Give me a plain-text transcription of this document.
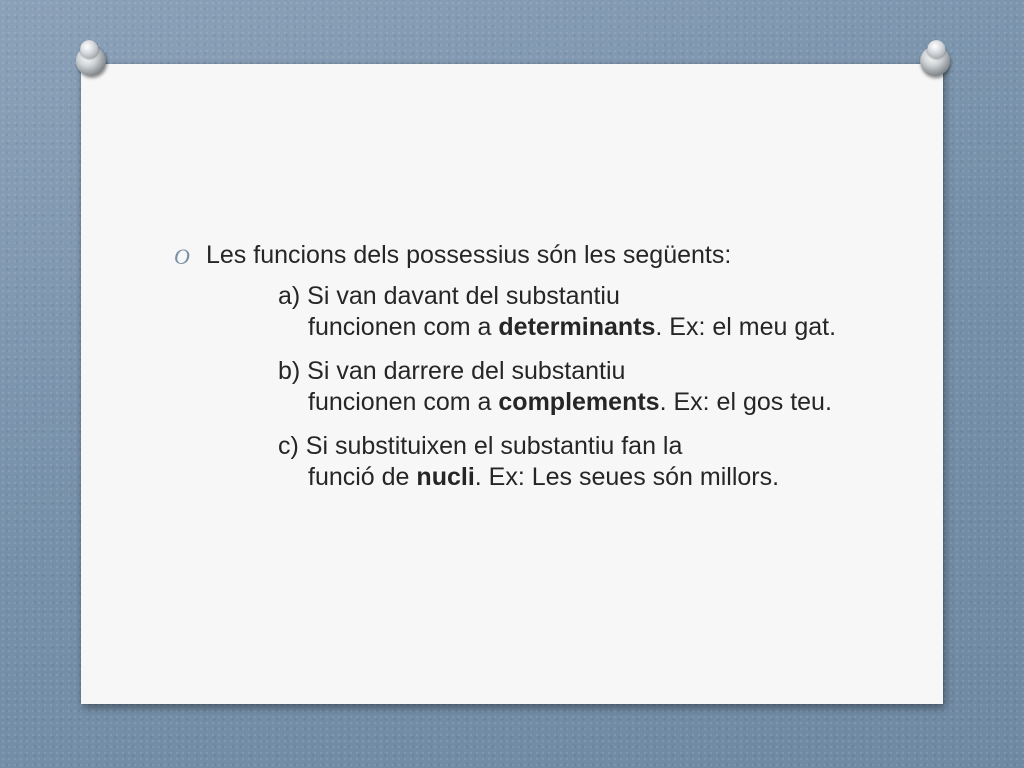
O Les funcions dels possessius són les següents:

a) Si van davant del substantiu

funcionen com a determinants. Ex: el meu gat.

b) Si van darrere del substantiu

funcionen com a complements. Ex: el gos teu.

c) Si substituixen el substantiu fan la

funció de nucli. Ex: Les seues són millors.
